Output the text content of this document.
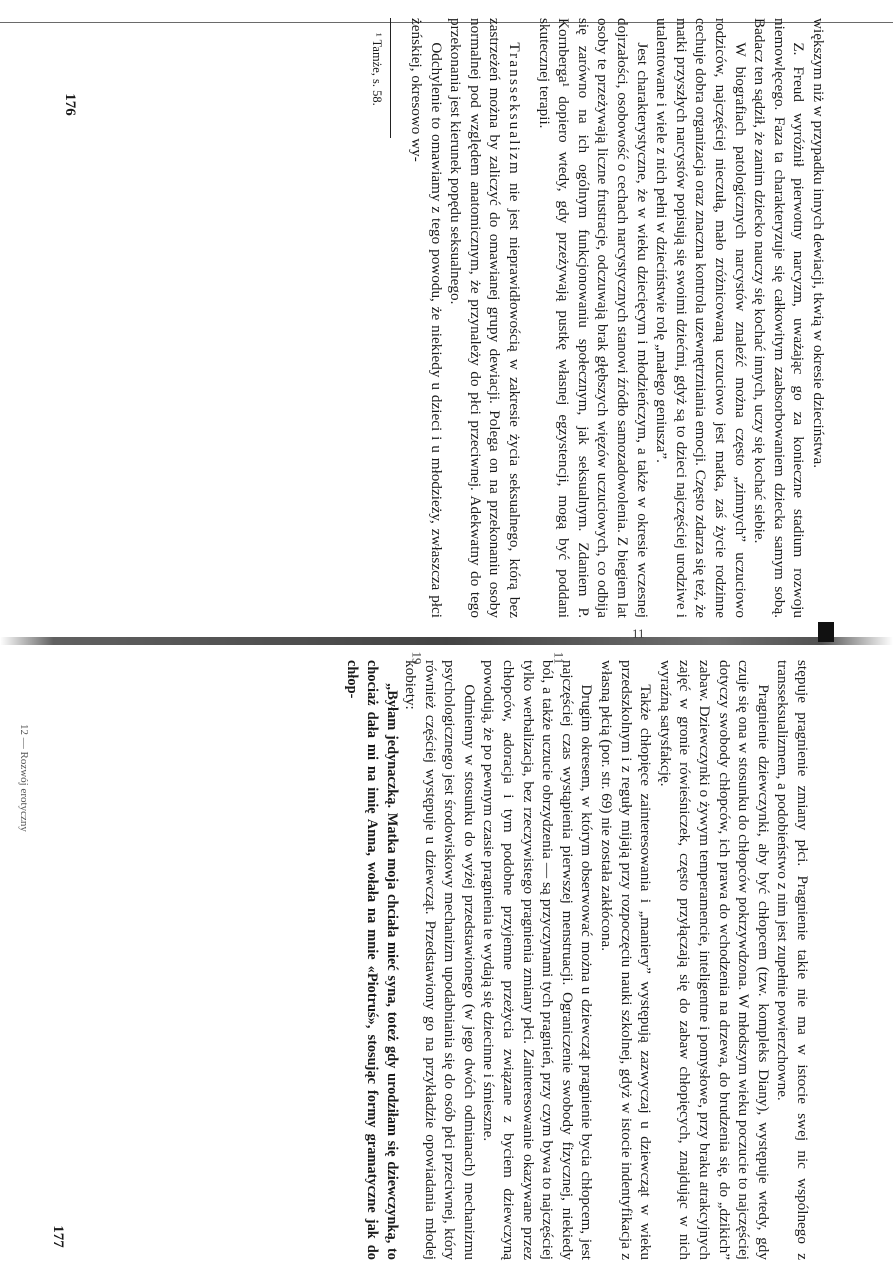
11
11
19

większym niż w przypadku innych dewiacji, tkwią w okresie dzieciństwa.

Z. Freud wyróżnił pierwotny narcyzm, uważając go za konieczne stadium rozwoju niemowlęcego. Faza ta charakteryzuje się całkowitym zaabsorbowaniem dziecka samym sobą. Badacz ten sądził, że zanim dziecko nauczy się kochać innych, uczy się kochać siebie.

W biografiach patologicznych narcystów znaleźć można często „zimnych” uczuciowo rodziców, najczęściej nieczułą, mało zróżnicowaną uczuciowo jest matka, zaś życie rodzinne cechuje dobra organizacja oraz znaczna kontrola uzewnętrzniania emocji. Często zdarza się też, że matki przyszłych narcystów popisują się swoimi dziećmi, gdyż są to dzieci najczęściej urodziwe i utalentowane i wiele z nich pełni w dzieciństwie rolę „małego geniusza”.

Jest charakterystyczne, że w wieku dziecięcym i młodzieńczym, a także w okresie wczesnej dojrzałości, osobowość o cechach narcystycznych stanowi źródło samozadowolenia. Z biegiem lat osoby te przeżywają liczne frustracje, odczuwają brak głębszych więzów uczuciowych, co odbija się zarówno na ich ogólnym funkcjonowaniu społecznym, jak seksualnym. Zdaniem P. Kornberga¹ dopiero wtedy, gdy przeżywają pustkę własnej egzystencji, mogą być poddani skutecznej terapii.

Transseksualizm nie jest nieprawidłowością w zakresie życia seksualnego, którą bez zastrzeżeń można by zaliczyć do omawianej grupy dewiacji. Polega on na przekonaniu osoby normalnej pod względem anatomicznym, że przynależy do płci przeciwnej. Adekwatny do tego przekonania jest kierunek popędu seksualnego.

Odchylenie to omawiamy z tego powodu, że niekiedy u dzieci i u młodzieży, zwłaszcza płci żeńskiej, okresowo wy-

¹ Tamże, s. 58.

176

stępuje pragnienie zmiany płci. Pragnienie takie nie ma w istocie swej nic wspólnego z transseksualizmem, a podobieństwo z nim jest zupełnie powierzchowne.

Pragnienie dziewczynki, aby być chłopcem (tzw. kompleks Diany), występuje wtedy, gdy czuje się ona w stosunku do chłopców pokrzywdzona. W młodszym wieku poczucie to najczęściej dotyczy swobody chłopców, ich prawa do wchodzenia na drzewa, do brudzenia się, do „dzikich” zabaw. Dziewczynki o żywym temperamencie, inteligentne i pomysłowe, przy braku atrakcyjnych zajęć w gronie rówieśniczek, często przyłączają się do zabaw chłopięcych, znajdując w nich wyraźną satysfakcję.

Także chłopięce zainteresowania i „maniery” występują zazwyczaj u dziewcząt w wieku przedszkolnym i z reguły mijają przy rozpoczęciu nauki szkolnej, gdyż w istocie indentyfikacja z własną płcią (por. str. 69) nie została zakłócona.

Drugim okresem, w którym obserwować można u dziewcząt pragnienie bycia chłopcem, jest najczęściej czas wystąpienia pierwszej menstruacji. Ograniczenie swobody fizycznej, niekiedy ból, a także uczucie obrzydzenia — są przyczynami tych pragnień, przy czym bywa to najczęściej tylko werbalizacja, bez rzeczywistego pragnienia zmiany płci. Zainteresowanie okazywane przez chłopców, adoracja i tym podobne przyjemne przeżycia związane z byciem dziewczyną powodują, że po pewnym czasie pragnienia te wydają się dziecinne i śmieszne.

Odmienny w stosunku do wyżej przedstawionego (w jego dwóch odmianach) mechanizmu psychologicznego jest środowiskowy mechanizm upodabniania się do osób płci przeciwnej, który również częściej występuje u dziewcząt. Przedstawiony go na przykładzie opowiadania młodej kobiety:

„Byłam jedynaczką. Matka moja chciała mieć syna, toteż gdy urodziłam się dziewczynką, to chociaż dała mi na imię Anna, wołała na mnie «Piotruś», stosując formy gramatyczne jak do chłop-

177
12 — Rozwój erotyczny
